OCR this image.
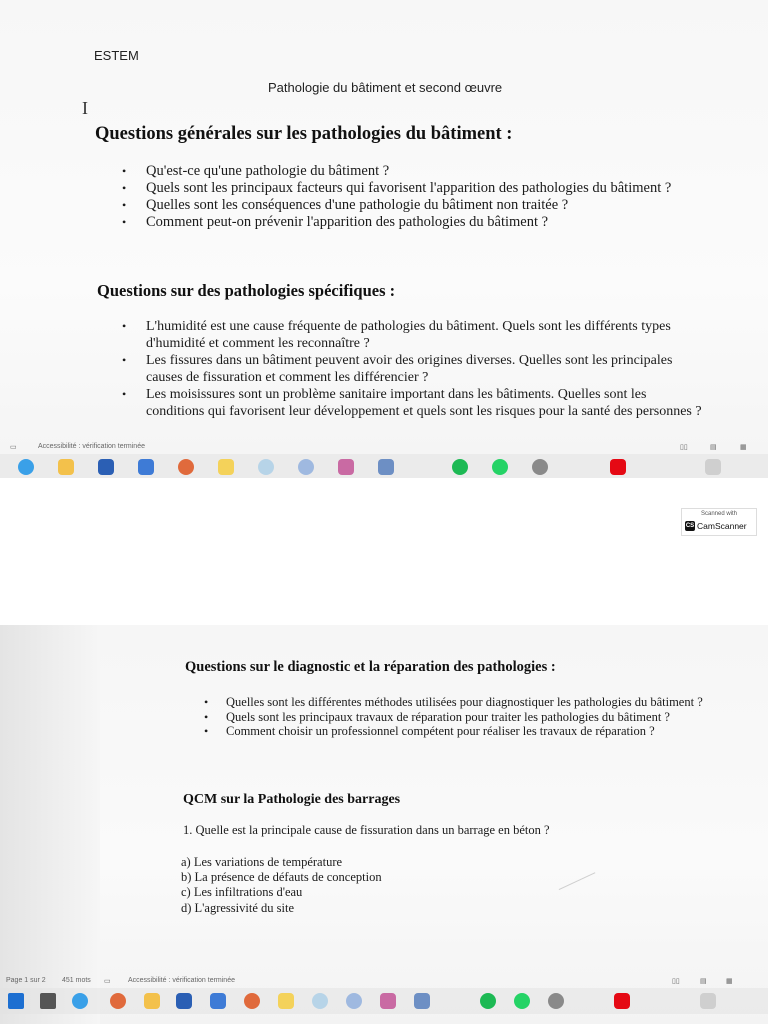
ESTEM
Pathologie du bâtiment et second œuvre
I
Questions générales sur les pathologies du bâtiment :
• Qu'est-ce qu'une pathologie du bâtiment ?
• Quels sont les principaux facteurs qui favorisent l'apparition des pathologies du bâtiment ?
• Quelles sont les conséquences d'une pathologie du bâtiment non traitée ?
• Comment peut-on prévenir l'apparition des pathologies du bâtiment ?
Questions sur des pathologies spécifiques :
• L'humidité est une cause fréquente de pathologies du bâtiment. Quels sont les différents types d'humidité et comment les reconnaître ?
• Les fissures dans un bâtiment peuvent avoir des origines diverses. Quelles sont les principales causes de fissuration et comment les différencier ?
• Les moisissures sont un problème sanitaire important dans les bâtiments. Quelles sont les conditions qui favorisent leur développement et quels sont les risques pour la santé des personnes ?
▭	Accessibilité : vérification terminée	▯▯	▤	▦
Scanned with
CS CamScanner
Questions sur le diagnostic et la réparation des pathologies :
• Quelles sont les différentes méthodes utilisées pour diagnostiquer les pathologies du bâtiment ?
• Quels sont les principaux travaux de réparation pour traiter les pathologies du bâtiment ?
• Comment choisir un professionnel compétent pour réaliser les travaux de réparation ?
QCM sur la Pathologie des barrages
1. Quelle est la principale cause de fissuration dans un barrage en béton ?
a) Les variations de température
b) La présence de défauts de conception
c) Les infiltrations d'eau
d) L'agressivité du site
Page 1 sur 2 451 mots ▭ Accessibilité : vérification terminée	▯▯	▤	▦
